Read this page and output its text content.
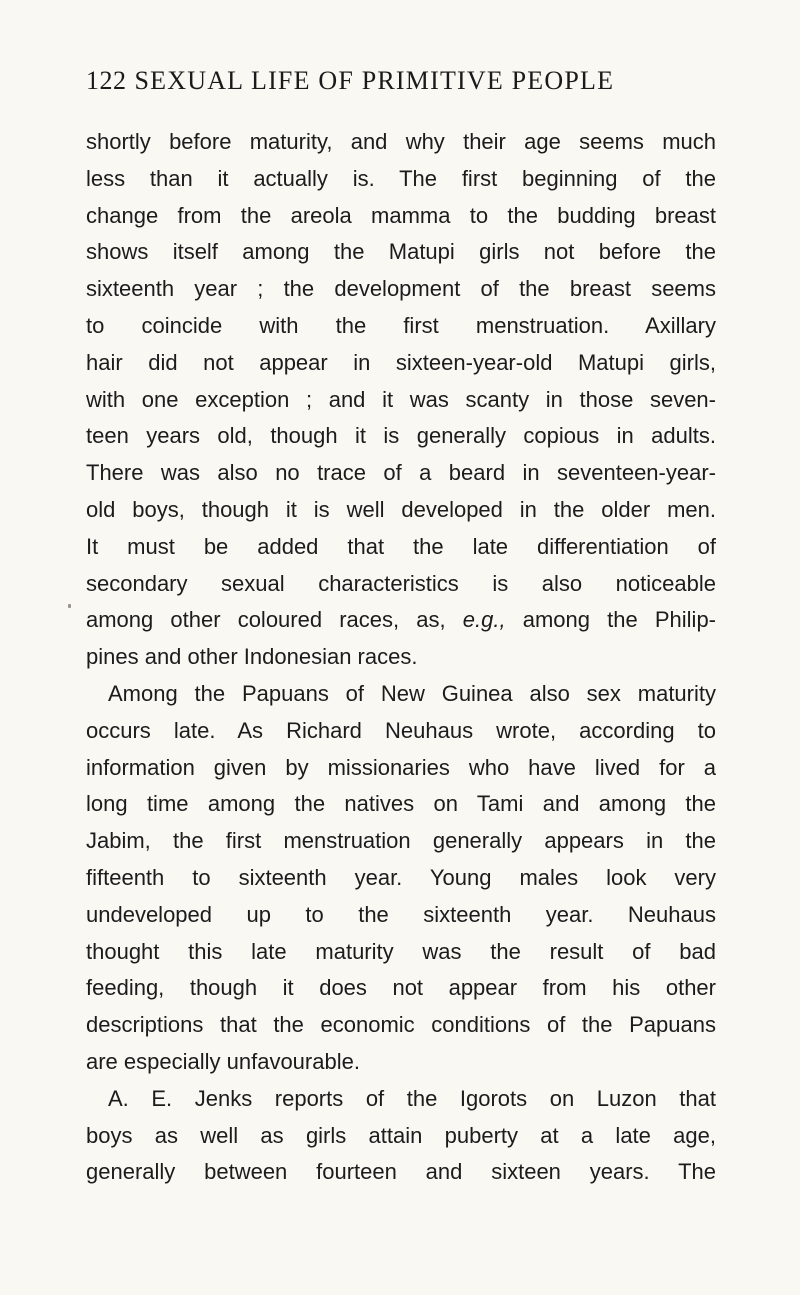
122 SEXUAL LIFE OF PRIMITIVE PEOPLE
shortly before maturity, and why their age seems much
less than it actually is. The first beginning of the
change from the areola mamma to the budding breast
shows itself among the Matupi girls not before the
sixteenth year ; the development of the breast seems
to coincide with the first menstruation. Axillary
hair did not appear in sixteen-year-old Matupi girls,
with one exception ; and it was scanty in those seven-
teen years old, though it is generally copious in adults.
There was also no trace of a beard in seventeen-year-
old boys, though it is well developed in the older men.
It must be added that the late differentiation of
secondary sexual characteristics is also noticeable
among other coloured races, as, e.g., among the Philip-
pines and other Indonesian races.
Among the Papuans of New Guinea also sex maturity
occurs late. As Richard Neuhaus wrote, according to
information given by missionaries who have lived for a
long time among the natives on Tami and among the
Jabim, the first menstruation generally appears in the
fifteenth to sixteenth year. Young males look very
undeveloped up to the sixteenth year. Neuhaus
thought this late maturity was the result of bad
feeding, though it does not appear from his other
descriptions that the economic conditions of the Papuans
are especially unfavourable.
A. E. Jenks reports of the Igorots on Luzon that
boys as well as girls attain puberty at a late age,
generally between fourteen and sixteen years. The
